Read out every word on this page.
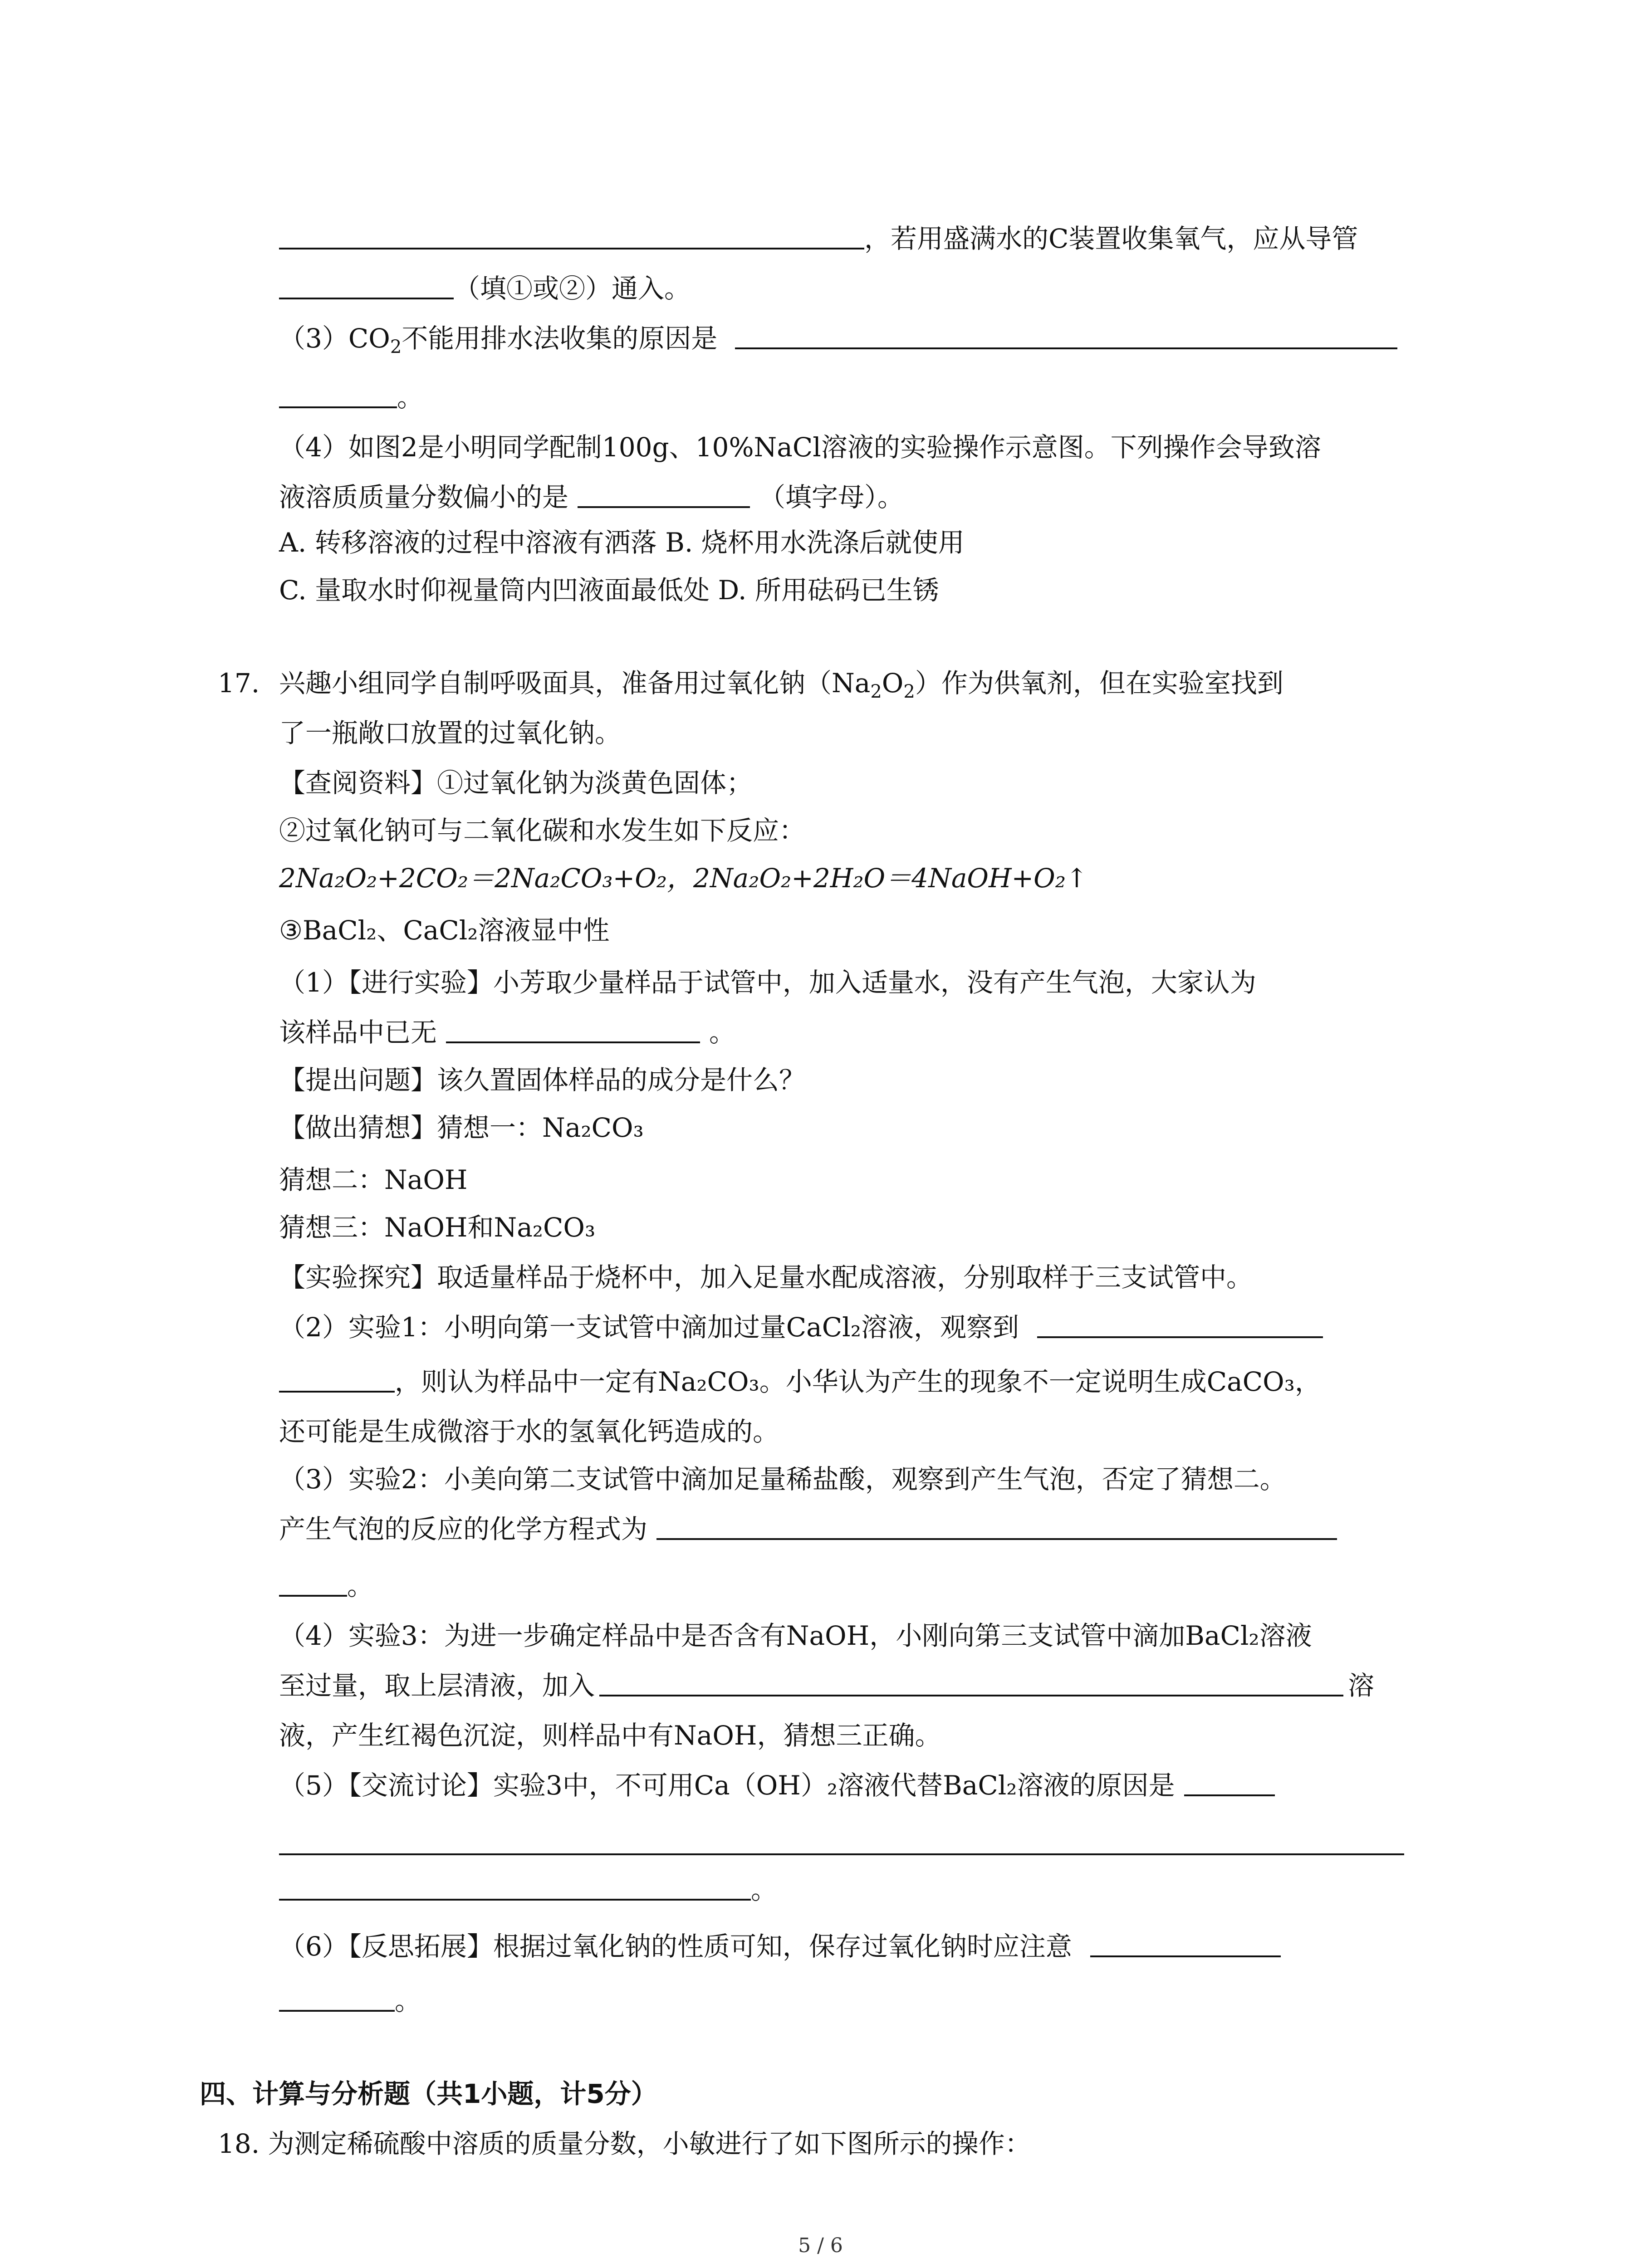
，若用盛满水的C装置收集氧气，应从导管
（填①或②）通入。
$(3)CO_2$不能用排水法收集的原因是
。
（4）如图2是小明同学配制100g、10%NaCl溶液的实验操作示意图。下列操作会导致溶
液溶质质量分数偏小的是	（填字母）。
A. 转移溶液的过程中溶液有洒落 B. 烧杯用水洗涤后就使用
C. 量取水时仰视量筒内凹液面最低处 D. 所用砝码已生锈
17. 兴趣小组同学自制呼吸面具，准备用过氧化钠$(Na_2O_2)$作为供氧剂，但在实验室找到
了一瓶敞口放置的过氧化钠。
【查阅资料】①过氧化钠为淡黄色固体；
②过氧化钠可与二氧化碳和水发生如下反应：
2Na₂O₂+2CO₂＝2Na₂CO₃+O₂，2Na₂O₂+2H₂O＝4NaOH+O₂↑
③BaCl₂、CaCl₂溶液显中性
（1）【进行实验】小芳取少量样品于试管中，加入适量水，没有产生气泡，大家认为
该样品中已无	。
【提出问题】该久置固体样品的成分是什么？
【做出猜想】猜想一：Na₂CO₃
猜想二：NaOH
猜想三：NaOH和Na₂CO₃
【实验探究】取适量样品于烧杯中，加入足量水配成溶液，分别取样于三支试管中。
（2）实验1：小明向第一支试管中滴加过量CaCl₂溶液，观察到
，则认为样品中一定有Na₂CO₃。小华认为产生的现象不一定说明生成CaCO₃，
还可能是生成微溶于水的氢氧化钙造成的。
（3）实验2：小美向第二支试管中滴加足量稀盐酸，观察到产生气泡，否定了猜想二。
产生气泡的反应的化学方程式为
。
（4）实验3：为进一步确定样品中是否含有NaOH，小刚向第三支试管中滴加BaCl₂溶液
至过量，取上层清液，加入	溶
液，产生红褐色沉淀，则样品中有NaOH，猜想三正确。
（5）【交流讨论】实验3中，不可用Ca（OH）₂溶液代替BaCl₂溶液的原因是
。
（6）【反思拓展】根据过氧化钠的性质可知，保存过氧化钠时应注意
。
四、计算与分析题（共1小题，计5分）
18. 为测定稀硫酸中溶质的质量分数，小敏进行了如下图所示的操作：
5 / 6
